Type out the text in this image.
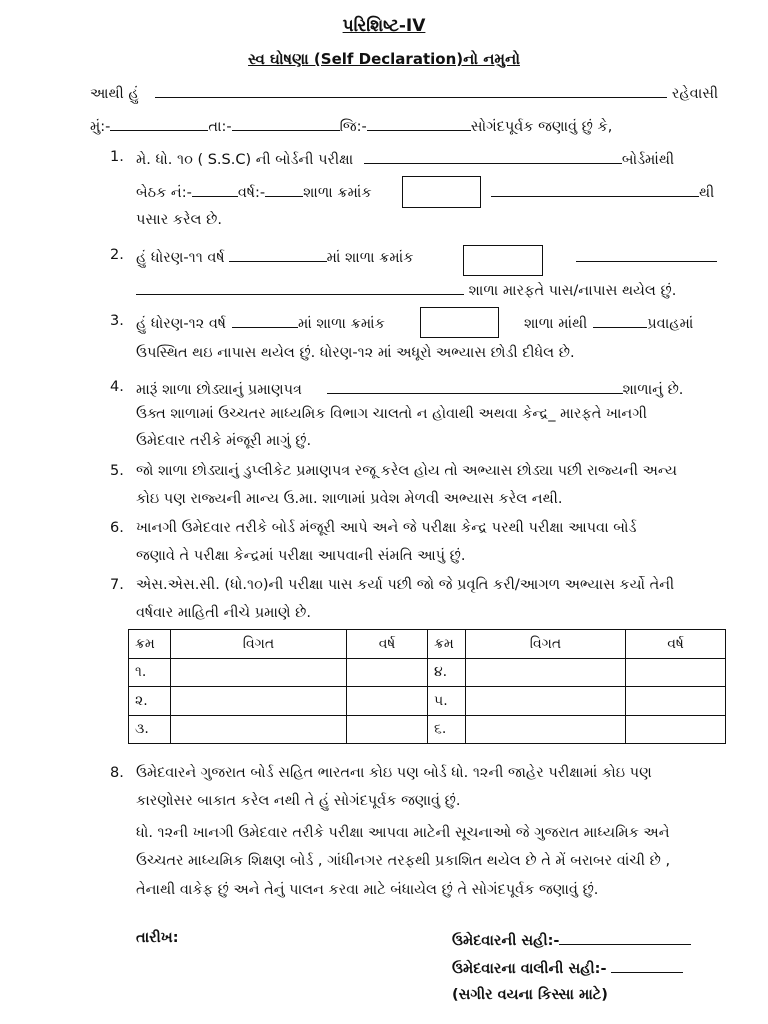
પરિશિષ્ટ-IV
સ્વ ઘોષણા (Self Declaration)નો નમુનો
આથી હું	રહેવાસી
મું:-	તા:-	જિ:-	સોગંદપૂર્વક જણાવું છું કે,
1. મે. ધો. ૧૦ ( S.S.C) ની બોર્ડની પરીક્ષા	બોર્ડમાંથી
બેઠક નં:-	વર્ષ:-	શાળા ક્રમાંક	થી
પસાર કરેલ છે.
2. હું ધોરણ-૧૧ વર્ષ	માં શાળા ક્રમાંક
શાળા મારફતે પાસ/નાપાસ થયેલ છું.
3. હું ધોરણ-૧૨ વર્ષ	માં શાળા ક્રમાંક	શાળા માંથી	પ્રવાહમાં
ઉપસ્થિત થઇ નાપાસ થયેલ છું. ધોરણ-૧૨ માં અધૂરો અભ્યાસ છોડી દીધેલ છે.
4. મારૂં શાળા છોડ્યાનું પ્રમાણપત્ર	શાળાનું છે.
ઉક્ત શાળામાં ઉચ્ચતર માધ્યમિક વિભાગ ચાલતો ન હોવાથી અથવા કેન્દ્ર_ મારફતે ખાનગી
ઉમેદવાર તરીકે મંજૂરી માગું છું.
5. જો શાળા છોડ્યાનું ડુપ્લીકેટ પ્રમાણપત્ર રજૂ કરેલ હોય તો અભ્યાસ છોડ્યા પછી રાજ્યની અન્ય
કોઇ પણ રાજ્યની માન્ય ઉ.મા. શાળામાં પ્રવેશ મેળવી અભ્યાસ કરેલ નથી.
6. ખાનગી ઉમેદવાર તરીકે બોર્ડ મંજૂરી આપે અને જે પરીક્ષા કેન્દ્ર પરથી પરીક્ષા આપવા બોર્ડ
જણાવે તે પરીક્ષા કેન્દ્રમાં પરીક્ષા આપવાની સંમતિ આપું છું.
7. એસ.એસ.સી. (ધો.૧૦)ની પરીક્ષા પાસ કર્યા પછી જો જે પ્રવૃતિ કરી/આગળ અભ્યાસ કર્યો તેની
વર્ષવાર માહિતી નીચે પ્રમાણે છે.
ક્રમ	વિગત	વર્ષ	ક્રમ	વિગત	વર્ષ
૧.			૪.		
૨.			૫.		
૩.			૬.		
8. ઉમેદવારને ગુજરાત બોર્ડ સહિત ભારતના કોઇ પણ બોર્ડ ધો. ૧૨ની જાહેર પરીક્ષામાં કોઇ પણ
કારણોસર બાકાત કરેલ નથી તે હું સોગંદપૂર્વક જણાવું છું.
ધો. ૧૨ની ખાનગી ઉમેદવાર તરીકે પરીક્ષા આપવા માટેની સૂચનાઓ જે ગુજરાત માધ્યમિક અને
ઉચ્ચતર માધ્યમિક શિક્ષણ બોર્ડ , ગાંધીનગર તરફથી પ્રકાશિત થયેલ છે તે મેં બરાબર વાંચી છે ,
તેનાથી વાકેફ છું અને તેનું પાલન કરવા માટે બંધાયેલ છું તે સોગંદપૂર્વક જણાવું છું.
તારીખ:	ઉમેદવારની સહી:-
ઉમેદવારના વાલીની સહી:-
(સગીર વયના કિસ્સા માટે)
